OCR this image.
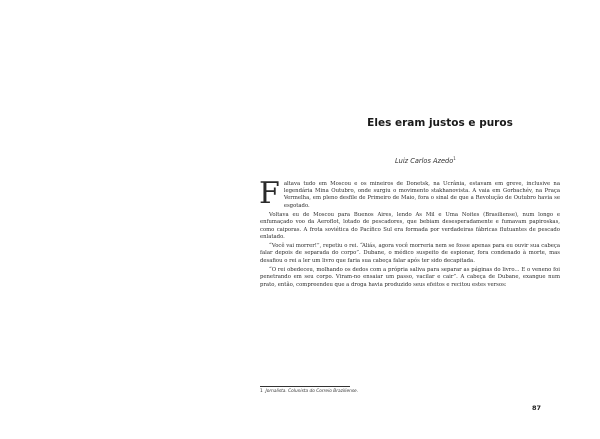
Eles eram justos e puros
Luiz Carlos Azedo$^1$

Faltava tudo em Moscou e os mineiros de Donetsk, na Ucrânia, estavam em greve, inclusive na legendária Mina Outubro, onde surgiu o movimento stakhanovista. A vaia em Gorbachév, na Praça Vermelha, em pleno desfile de Primeiro de Maio, fora o sinal de que a Revolução de Outubro havia se esgotado.

Voltava eu de Moscou para Buenos Aires, lendo As Mil e Uma Noites (Brasiliense), num longo e enfumaçado voo da Aeroflot, lotado de pescadores, que bebiam desesperadamente e fumavam papiroskas, como caiporas. A frota soviética do Pacífico Sul era formada por verdadeiras fábricas flutuantes de pescado enlatado.

“Você vai morrer!”, repetiu o rei. “Aliás, agora você morreria nem se fosse apenas para eu ouvir sua cabeça falar depois de separada do corpo”. Dubane, o médico suspeito de espionar, fora condenado à morte, mas desafiou o rei a ler um livro que faria sua cabeça falar após ter sido decapitada.

“O rei obedeceu, molhando os dedos com a própria saliva para separar as páginas do livro... E o veneno foi penetrando em seu corpo. Viram-no ensaiar um passo, vacilar e cair”. A cabeça de Dubane, exangue num prato, então, compreendeu que a droga havia produzido seus efeitos e recitou estes versos:

1 Jornalista. Colunista do Correio Braziliense.
87
